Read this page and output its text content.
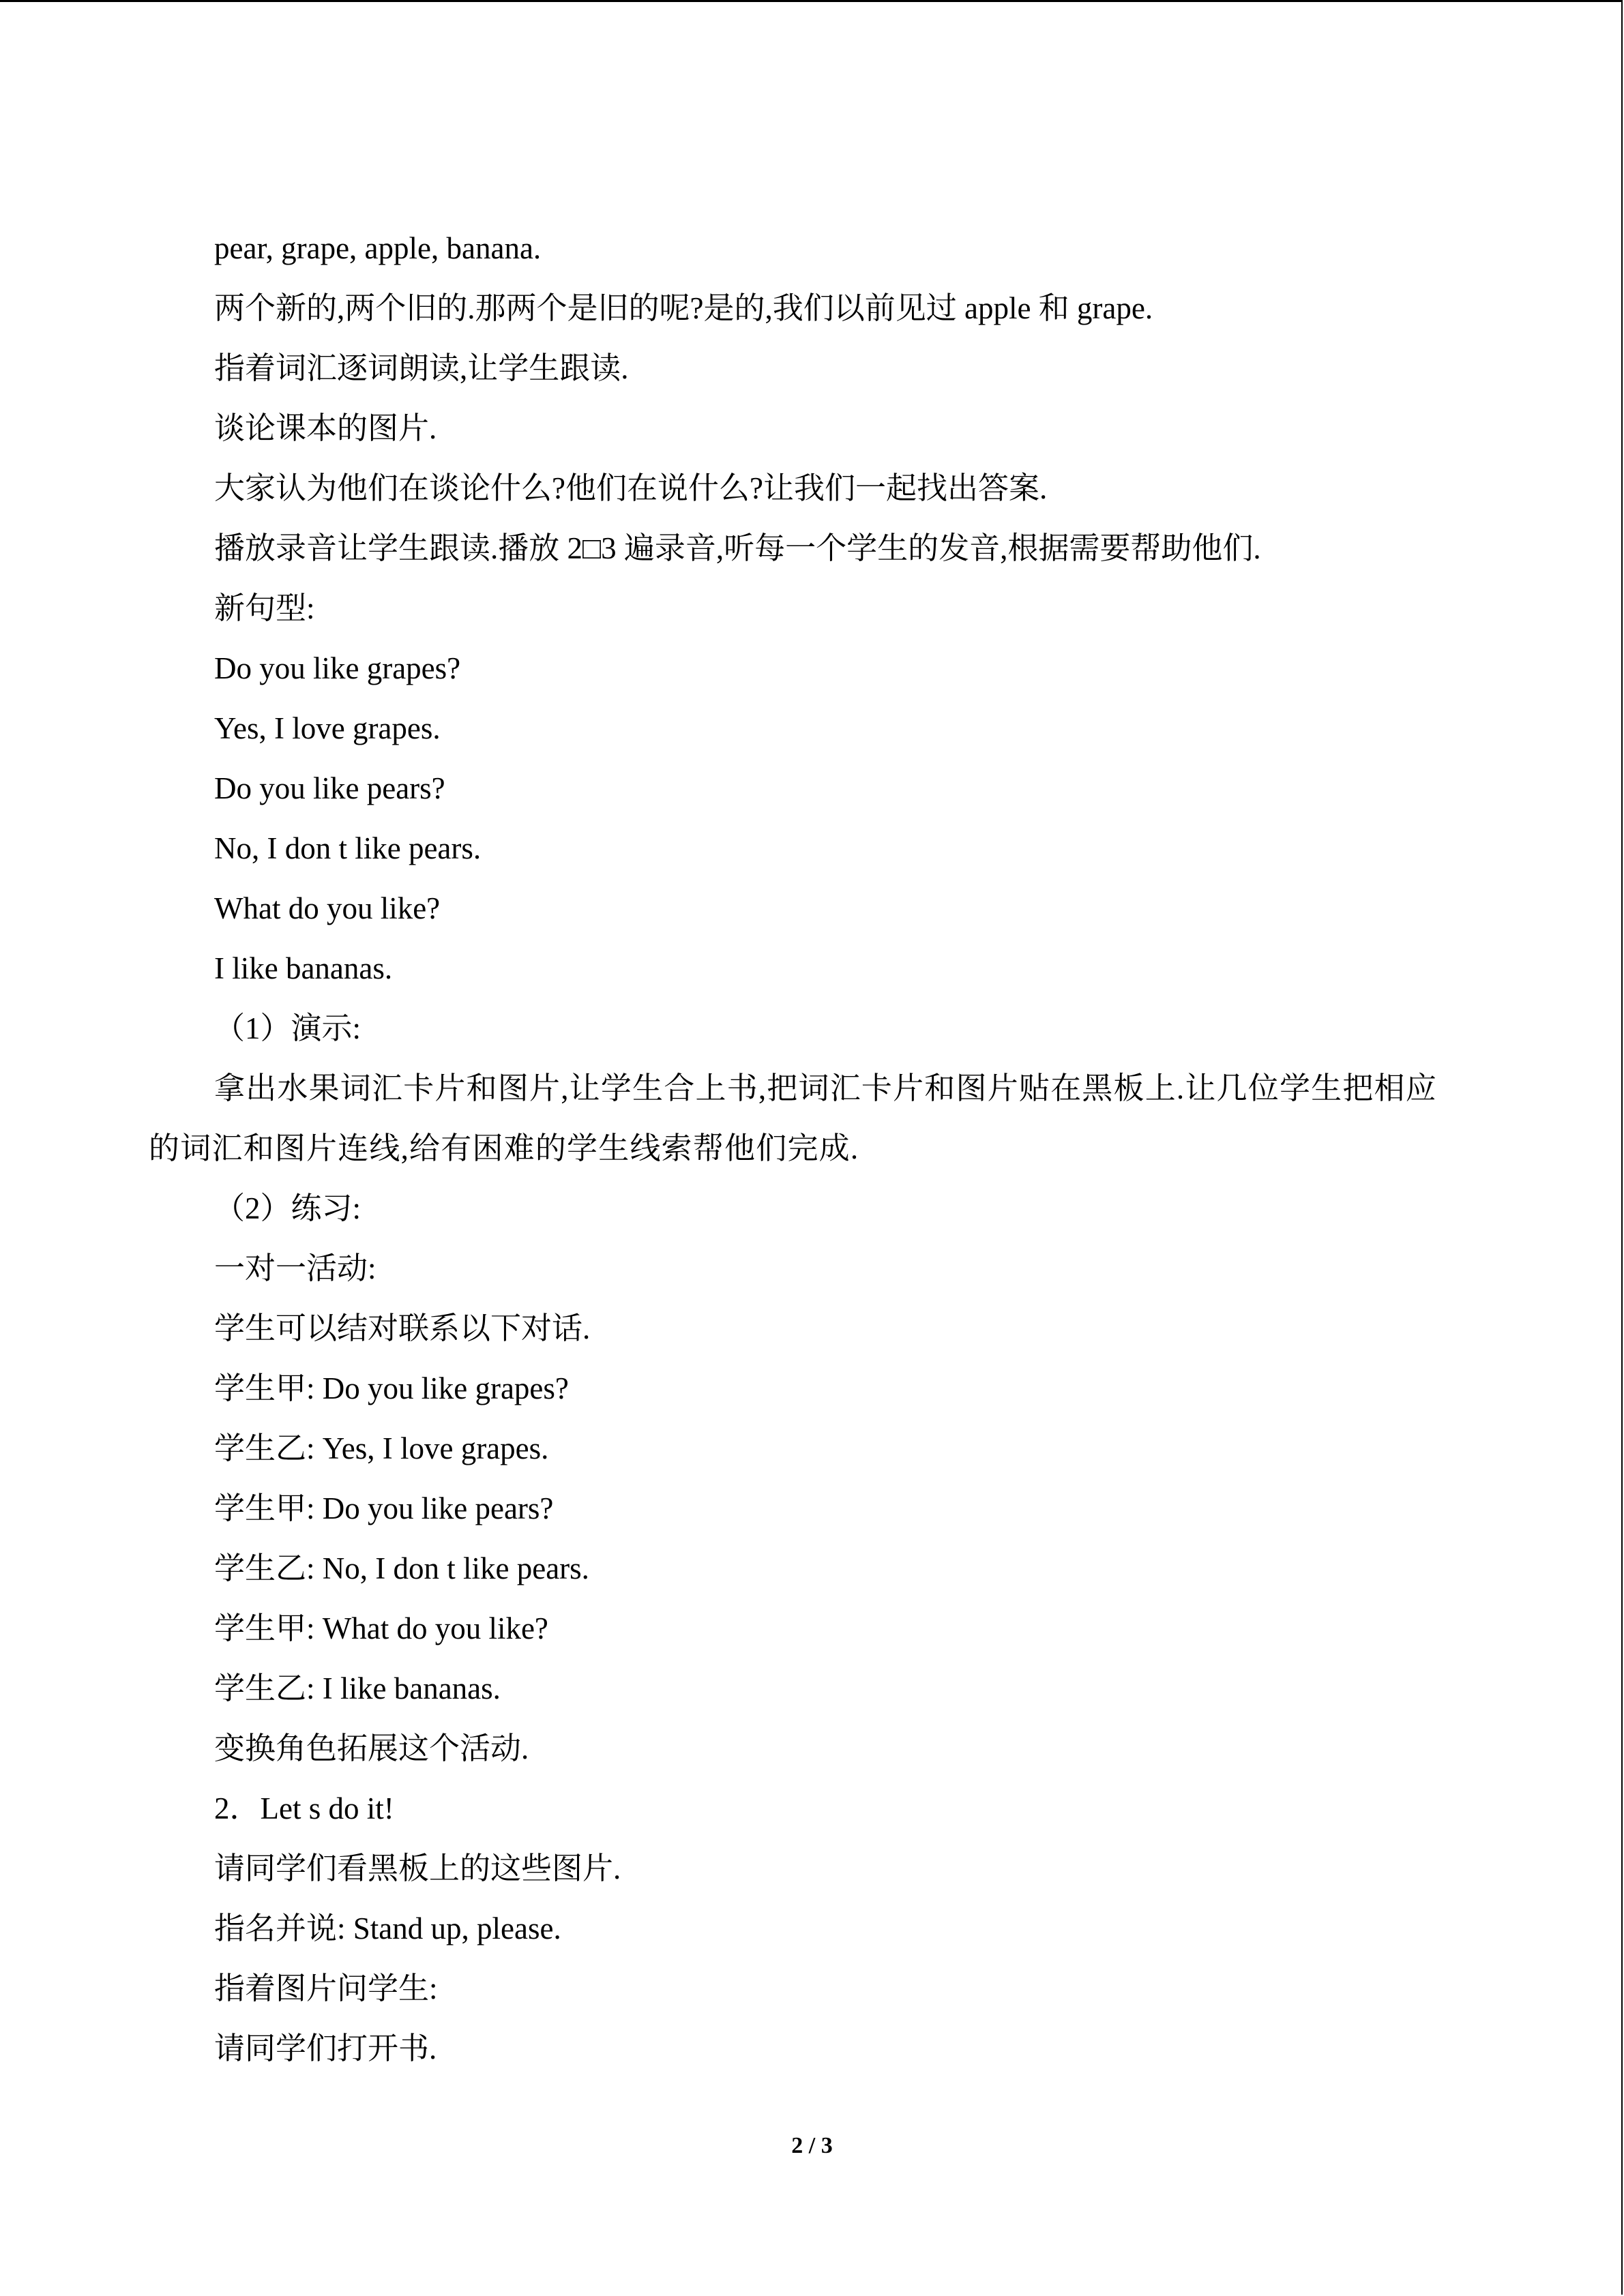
pear, grape, apple, banana.
两个新的,两个旧的.那两个是旧的呢?是的,我们以前见过 apple 和 grape.
指着词汇逐词朗读,让学生跟读.
谈论课本的图片.
大家认为他们在谈论什么?他们在说什么?让我们一起找出答案.
播放录音让学生跟读.播放 2□3 遍录音,听每一个学生的发音,根据需要帮助他们.
新句型:
Do you like grapes?
Yes, I love grapes.
Do you like pears?
No, I don t like pears.
What do you like?
I like bananas.
（1）演示:
拿出水果词汇卡片和图片,让学生合上书,把词汇卡片和图片贴在黑板上.让几位学生把相应的词汇和图片连线,给有困难的学生线索帮他们完成.
（2）练习:
一对一活动:
学生可以结对联系以下对话.
学生甲: Do you like grapes?
学生乙: Yes, I love grapes.
学生甲: Do you like pears?
学生乙: No, I don t like pears.
学生甲: What do you like?
学生乙: I like bananas.
变换角色拓展这个活动.
2．Let s do it!
请同学们看黑板上的这些图片.
指名并说: Stand up, please.
指着图片问学生:
请同学们打开书.
2 / 3
